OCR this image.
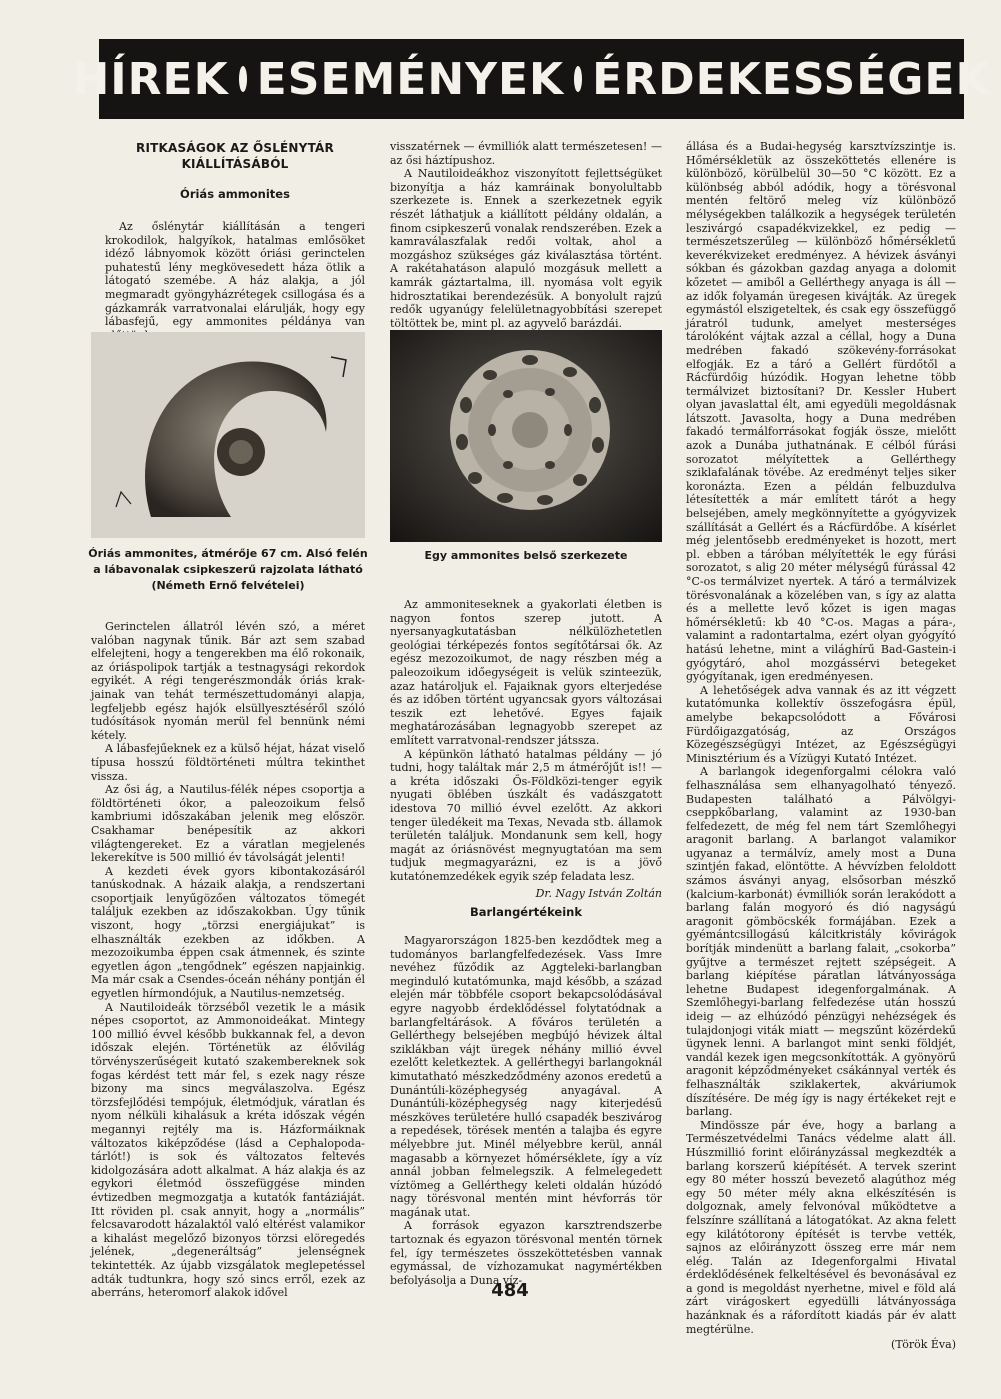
HÍREK ESEMÉNYEK ÉRDEKESSÉGEK
RITKASÁGOK AZ ŐSLÉNYTÁR
KIÁLLÍTÁSÁBÓL
Óriás ammonites

Az őslénytár kiállításán a tengeri krokodilok, halgyíkok, hatalmas emlősöket idéző lábnyomok között óriási gerinctelen puhatestű lény megkövesedett háza ötlik a látogató szemébe. A ház alakja, a jól megmaradt gyöngyházrétegek csillogása és a gázkamrák varratvonalai elárulják, hogy egy lábasfejű, egy ammonites példánya van

Óriás ammonites, átmérője 67 cm. Alsó felén
a lábavonalak csipkeszerű rajzolata látható
(Németh Ernő felvételei)

Gerinctelen állatról lévén szó, a méret valóban nagynak tűnik. Bár azt sem szabad elfelejteni, hogy a tengerekben ma élő rokonaik, az óriáspolipok tartják a testnagysági rekordok egyikét. A régi tengerészmondák óriás krak-jainak van tehát természettudományi alapja, legfeljebb egész hajók elsüllyesztéséről szóló tudósítások nyomán merül fel bennünk némi kétely.

A lábasfejűeknek ez a külső héjat, házat viselő típusa hosszú földtörténeti múltra tekinthet vissza.

Az ősi ág, a Nautilus-félék népes csoportja a földtörténeti ókor, a paleozoikum felső kambriumi időszakában jelenik meg először. Csakhamar benépesítik az akkori világtengereket. Ez a váratlan megjelenés lekerekítve is 500 millió év távolságát jelenti!

A kezdeti évek gyors kibontakozásáról tanúskodnak. A házaik alakja, a rendszertani csoportjaik lenyűgözően változatos tömegét találjuk ezekben az időszakokban. Úgy tűnik viszont, hogy „törzsi energiájukat” is elhasználták ezekben az időkben. A mezozoikumba éppen csak átmennek, és szinte egyetlen ágon „tengődnek” egészen napjainkig. Ma már csak a Csendes-óceán néhány pontján él egyetlen hírmondójuk, a Nautilus-nemzetség.

A Nautiloideák törzséből vezetik le a másik népes csoportot, az Ammonoideákat. Mintegy 100 millió évvel később bukkannak fel, a devon időszak elején. Történetük az élővilág törvényszerűségeit kutató szakembereknek sok fogas kérdést tett már fel, s ezek nagy része bizony ma sincs megválaszolva. Egész törzsfejlődési tempójuk, életmódjuk, váratlan és nyom nélküli kihalásuk a kréta időszak végén megannyi rejtély ma is. Házformáiknak változatos kiképződése (lásd a Cephalopoda-tárlót!) is sok és változatos feltevés kidolgozására adott alkalmat. A ház alakja és az egykori életmód összefüggése minden évtizedben megmozgatja a kutatók fantáziáját. Itt röviden pl. csak annyit, hogy a „normális” felcsavarodott házalaktól való eltérést valamikor a kihalást megelőző bizonyos törzsi elöregedés jelének, „degeneráltság” jelenségnek tekintették. Az újabb vizsgálatok meglepetéssel adták tudtunkra, hogy szó sincs erről, ezek az aberráns, heteromorf alakok idővel

visszatérnek — évmilliók alatt természetesen! — az ősi háztípushoz.

A Nautiloideákhoz viszonyított fejlettségüket bizonyítja a ház kamráinak bonyolultabb szerkezete is. Ennek a szerkezetnek egyik részét láthatjuk a kiállított példány oldalán, a finom csipkeszerű vonalak rendszerében. Ezek a kamraválaszfalak redői voltak, ahol a mozgáshoz szükséges gáz kiválasztása történt. A rakétahatáson alapuló mozgásuk mellett a kamrák gáztartalma, ill. nyomása volt egyik hidrosztatikai berendezésük. A bonyolult rajzú redők ugyanúgy felelületnagyobbítási szerepet töltöttek be, mint pl. az agyvelő barázdái.

Egy ammonites belső szerkezete

Az ammoniteseknek a gyakorlati életben is nagyon fontos szerep jutott. A nyersanyagkutatásban nélkülözhetetlen geológiai térképezés fontos segítőtársai ők. Az egész mezozoikumot, de nagy részben még a paleozoikum időegységeit is velük szinteezük, azaz határoljuk el. Fajaiknak gyors elterjedése és az időben történt ugyancsak gyors változásai teszik ezt lehetővé. Egyes fajaik meghatározásában legnagyobb szerepet az említett varratvonal-rendszer játssza.

A képünkön látható hatalmas példány — jó tudni, hogy találtak már 2,5 m átmérőjűt is!! — a kréta időszaki Ős-Földközi-tenger egyik nyugati öblében úszkált és vadászgatott idestova 70 millió évvel ezelőtt. Az akkori tenger üledékeit ma Texas, Nevada stb. államok területén találjuk. Mondanunk sem kell, hogy magát az óriásnövést megnyugtatóan ma sem tudjuk megmagyarázni, ez is a jövő kutatónemzedékek egyik szép feladata lesz.

Dr. Nagy István Zoltán
Barlangértékeink

Magyarországon 1825-ben kezdődtek meg a tudományos barlangfelfedezések. Vass Imre nevéhez fűződik az Aggteleki-barlangban meginduló kutatómunka, majd később, a század elején már többféle csoport bekapcsolódásával egyre nagyobb érdeklődéssel folytatódnak a barlangfeltárások. A főváros területén a Gellérthegy belsejében megbújó hévizek által sziklákban vájt üregek néhány millió évvel ezelőtt keletkeztek. A gellérthegyi barlangoknál kimutatható mészkedződmény azonos eredetű a Dunántúli-középhegység anyagával. A Dunántúli-középhegység nagy kiterjedésű mészköves területére hulló csapadék beszivárog a repedések, törések mentén a talajba és egyre mélyebbre jut. Minél mélyebbre kerül, annál magasabb a környezet hőmérséklete, így a víz annál jobban felmelegszik. A felmelegedett víztömeg a Gellérthegy keleti oldalán húzódó nagy törésvonal mentén mint hévforrás tör magának utat.

A források egyazon karsztrendszerbe tartoznak és egyazon törésvonal mentén törnek fel, így természetes összeköttetésben vannak egymással, de vízhozamukat nagymértékben befolyásolja a Duna víz-

állása és a Budai-hegység karsztvízszintje is. Hőmérsékletük az összeköttetés ellenére is különböző, körülbelül 30—50 °C között. Ez a különbség abból adódik, hogy a törésvonal mentén feltörő meleg víz különböző mélységekben találkozik a hegységek területén leszivárgó csapadékvizekkel, ez pedig — természetszerűleg — különböző hőmérsékletű keverékvizeket eredményez. A hévizek ásványi sókban és gázokban gazdag anyaga a dolomit kőzetet — amiből a Gellérthegy anyaga is áll — az idők folyamán üregesen kivájták. Az üregek egymástól elszigeteltek, és csak egy összefüggő járatról tudunk, amelyet mesterséges tárolóként vájtak azzal a céllal, hogy a Duna medrében fakadó szökevény-forrásokat elfogják. Ez a táró a Gellért fürdőtől a Rácfürdőig húzódik. Hogyan lehetne több termálvizet biztosítani? Dr. Kessler Hubert olyan javaslattal élt, ami egyedüli megoldásnak látszott. Javasolta, hogy a Duna medrében fakadó termálforrásokat fogják össze, mielőtt azok a Dunába juthatnának. E célból fúrási sorozatot mélyítettek a Gellérthegy sziklafalának tövébe. Az eredményt teljes siker koronázta. Ezen a példán felbuzdulva létesítették a már említett tárót a hegy belsejében, amely megkönnyítette a gyógyvizek szállítását a Gellért és a Rácfürdőbe. A kísérlet még jelentősebb eredményeket is hozott, mert pl. ebben a táróban mélyítették le egy fúrási sorozatot, s alig 20 méter mélységű fúrással 42 °C-os termálvizet nyertek. A táró a termálvizek törésvonalának a közelében van, s így az alatta és a mellette levő kőzet is igen magas hőmérsékletű: kb 40 °C-os. Magas a pára-, valamint a radontartalma, ezért olyan gyógyító hatású lehetne, mint a világhírű Bad-Gastein-i gyógytáró, ahol mozgássérvi betegeket gyógyítanak, igen eredményesen.

A lehetőségek adva vannak és az itt végzett kutatómunka kollektív összefogásra épül, amelybe bekapcsolódott a Fővárosi Fürdőigazgatóság, az Országos Közegészségügyi Intézet, az Egészségügyi Minisztérium és a Vízügyi Kutató Intézet.

A barlangok idegenforgalmi célokra való felhasználása sem elhanyagolható tényező. Budapesten található a Pálvölgyi-cseppkőbarlang, valamint az 1930-ban felfedezett, de még fel nem tárt Szemlőhegyi aragonit barlang. A barlangot valamikor ugyanaz a termálvíz, amely most a Duna szintjén fakad, elöntötte. A hévvízben feloldott számos ásványi anyag, elsősorban mészkő (kalcium-karbonát) évmilliók során lerakódott a barlang falán mogyoró és dió nagyságú aragonit gömböcskék formájában. Ezek a gyémántcsillogású kálcitkristály kővirágok borítják mindenütt a barlang falait, „csokorba” gyűjtve a természet rejtett szépségeit. A barlang kiépítése páratlan látványossága lehetne Budapest idegenforgalmának. A Szemlőhegyi-barlang felfedezése után hosszú ideig — az elhúzódó pénzügyi nehézségek és tulajdonjogi viták miatt — megszűnt közérdekű ügynek lenni. A barlangot mint senki földjét, vandál kezek igen megcsonkították. A gyönyörű aragonit képződményeket csákánnyal verték és felhasználták sziklakertek, akváriumok díszítésére. De még így is nagy értékeket rejt e barlang.

Mindössze pár éve, hogy a barlang a Természetvédelmi Tanács védelme alatt áll. Húszmillió forint előirányzással megkezdték a barlang korszerű kiépítését. A tervek szerint egy 80 méter hosszú bevezető alagúthoz még egy 50 méter mély akna elkészítésén is dolgoznak, amely felvonóval működtetve a felszínre szállítaná a látogatókat. Az akna felett egy kilátótorony építését is tervbe vették, sajnos az előirányzott összeg erre már nem elég. Talán az Idegenforgalmi Hivatal érdeklődésének felkeltésével és bevonásával ez a gond is megoldást nyerhetne, mivel e föld alá zárt virágoskert egyedülli látványossága hazánknak és a ráfordított kiadás pár év alatt megtérülne.

(Török Éva)
484
